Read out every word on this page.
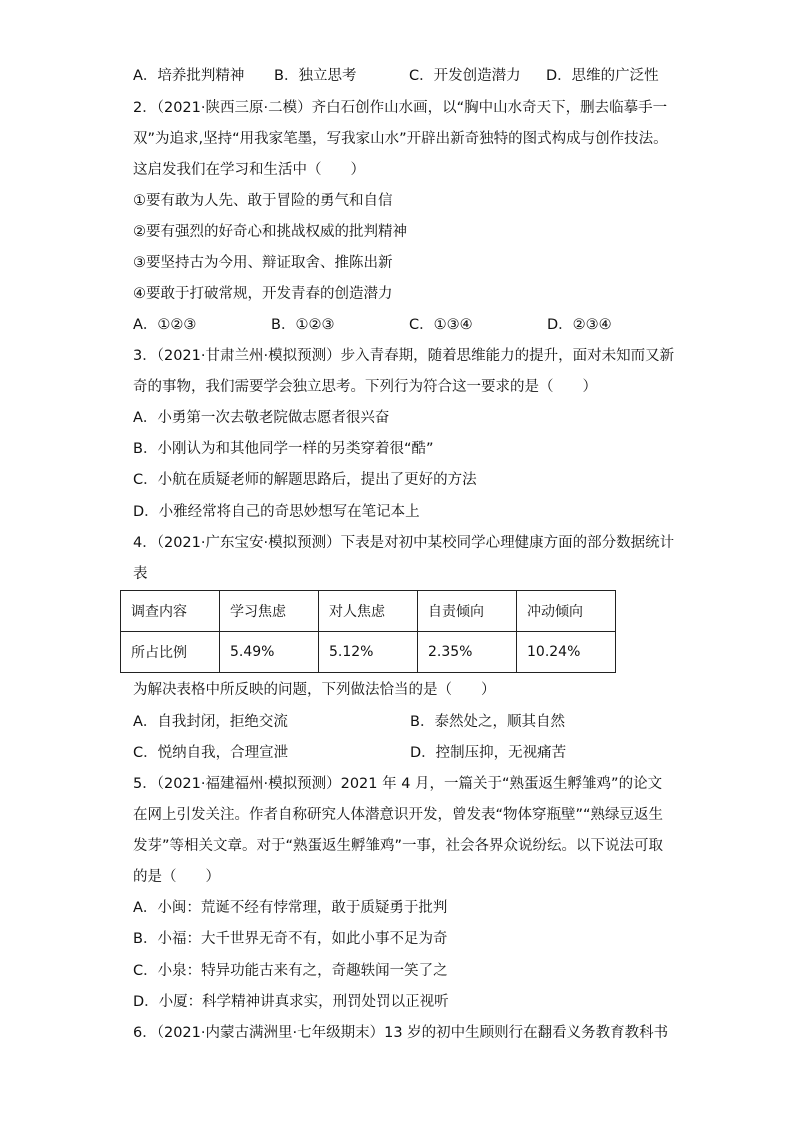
A．培养批判精神 B．独立思考	C．开发创造潜力 D．思维的广泛性
2．（2021·陕西三原·二模）齐白石创作山水画，以“胸中山水奇天下，删去临摹手一
双”为追求,坚持“用我家笔墨，写我家山水”开辟出新奇独特的图式构成与创作技法。
这启发我们在学习和生活中（　　）
①要有敢为人先、敢于冒险的勇气和自信
②要有强烈的好奇心和挑战权威的批判精神
③要坚持古为今用、辩证取舍、推陈出新
④要敢于打破常规，开发青春的创造潜力
A．①②③	B．①②③	C．①③④	D．②③④
3．（2021·甘肃兰州·模拟预测）步入青春期，随着思维能力的提升，面对未知而又新
奇的事物，我们需要学会独立思考。下列行为符合这一要求的是（　　）
A．小勇第一次去敬老院做志愿者很兴奋
B．小刚认为和其他同学一样的另类穿着很“酷”
C．小航在质疑老师的解题思路后，提出了更好的方法
D．小雅经常将自己的奇思妙想写在笔记本上
4．（2021·广东宝安·模拟预测）下表是对初中某校同学心理健康方面的部分数据统计
表
调查内容	学习焦虑	对人焦虑	自责倾向	冲动倾向
所占比例	5.49%	5.12%	2.35%	10.24%
为解决表格中所反映的问题，下列做法恰当的是（　　）
A．自我封闭，拒绝交流	B．泰然处之，顺其自然
C．悦纳自我，合理宣泄	D．控制压抑，无视痛苦
5．（2021·福建福州·模拟预测）2021 年 4 月，一篇关于“熟蛋返生孵雏鸡”的论文
在网上引发关注。作者自称研究人体潜意识开发，曾发表“物体穿瓶壁”“熟绿豆返生
发芽”等相关文章。对于“熟蛋返生孵雏鸡”一事，社会各界众说纷纭。以下说法可取
的是（　　）
A．小闽：荒诞不经有悖常理，敢于质疑勇于批判
B．小福：大千世界无奇不有，如此小事不足为奇
C．小泉：特异功能古来有之，奇趣轶闻一笑了之
D．小厦：科学精神讲真求实，刑罚处罚以正视听
6．（2021·内蒙古满洲里·七年级期末）13 岁的初中生顾则行在翻看义务教育教科书
